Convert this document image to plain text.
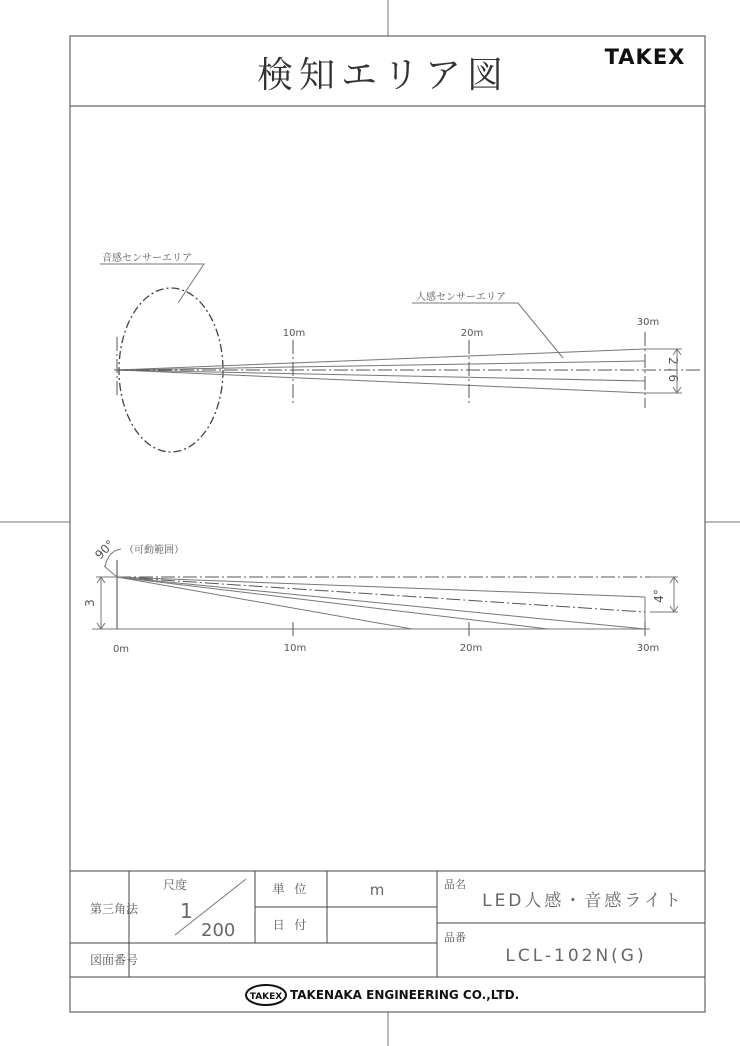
検知エリア図	TAKEX
2.6
10m	20m
30m
音感センサーエリア
人感センサーエリア
3
90° （可動範囲）
4°
0m	10m	20m	30m
第三角法
尺度
1
200
単 位	m
日 付
品名
LED人感・音感ライト
品番
LCL-102N(G)
図面番号
TAKEX TAKENAKA ENGINEERING CO.,LTD.
